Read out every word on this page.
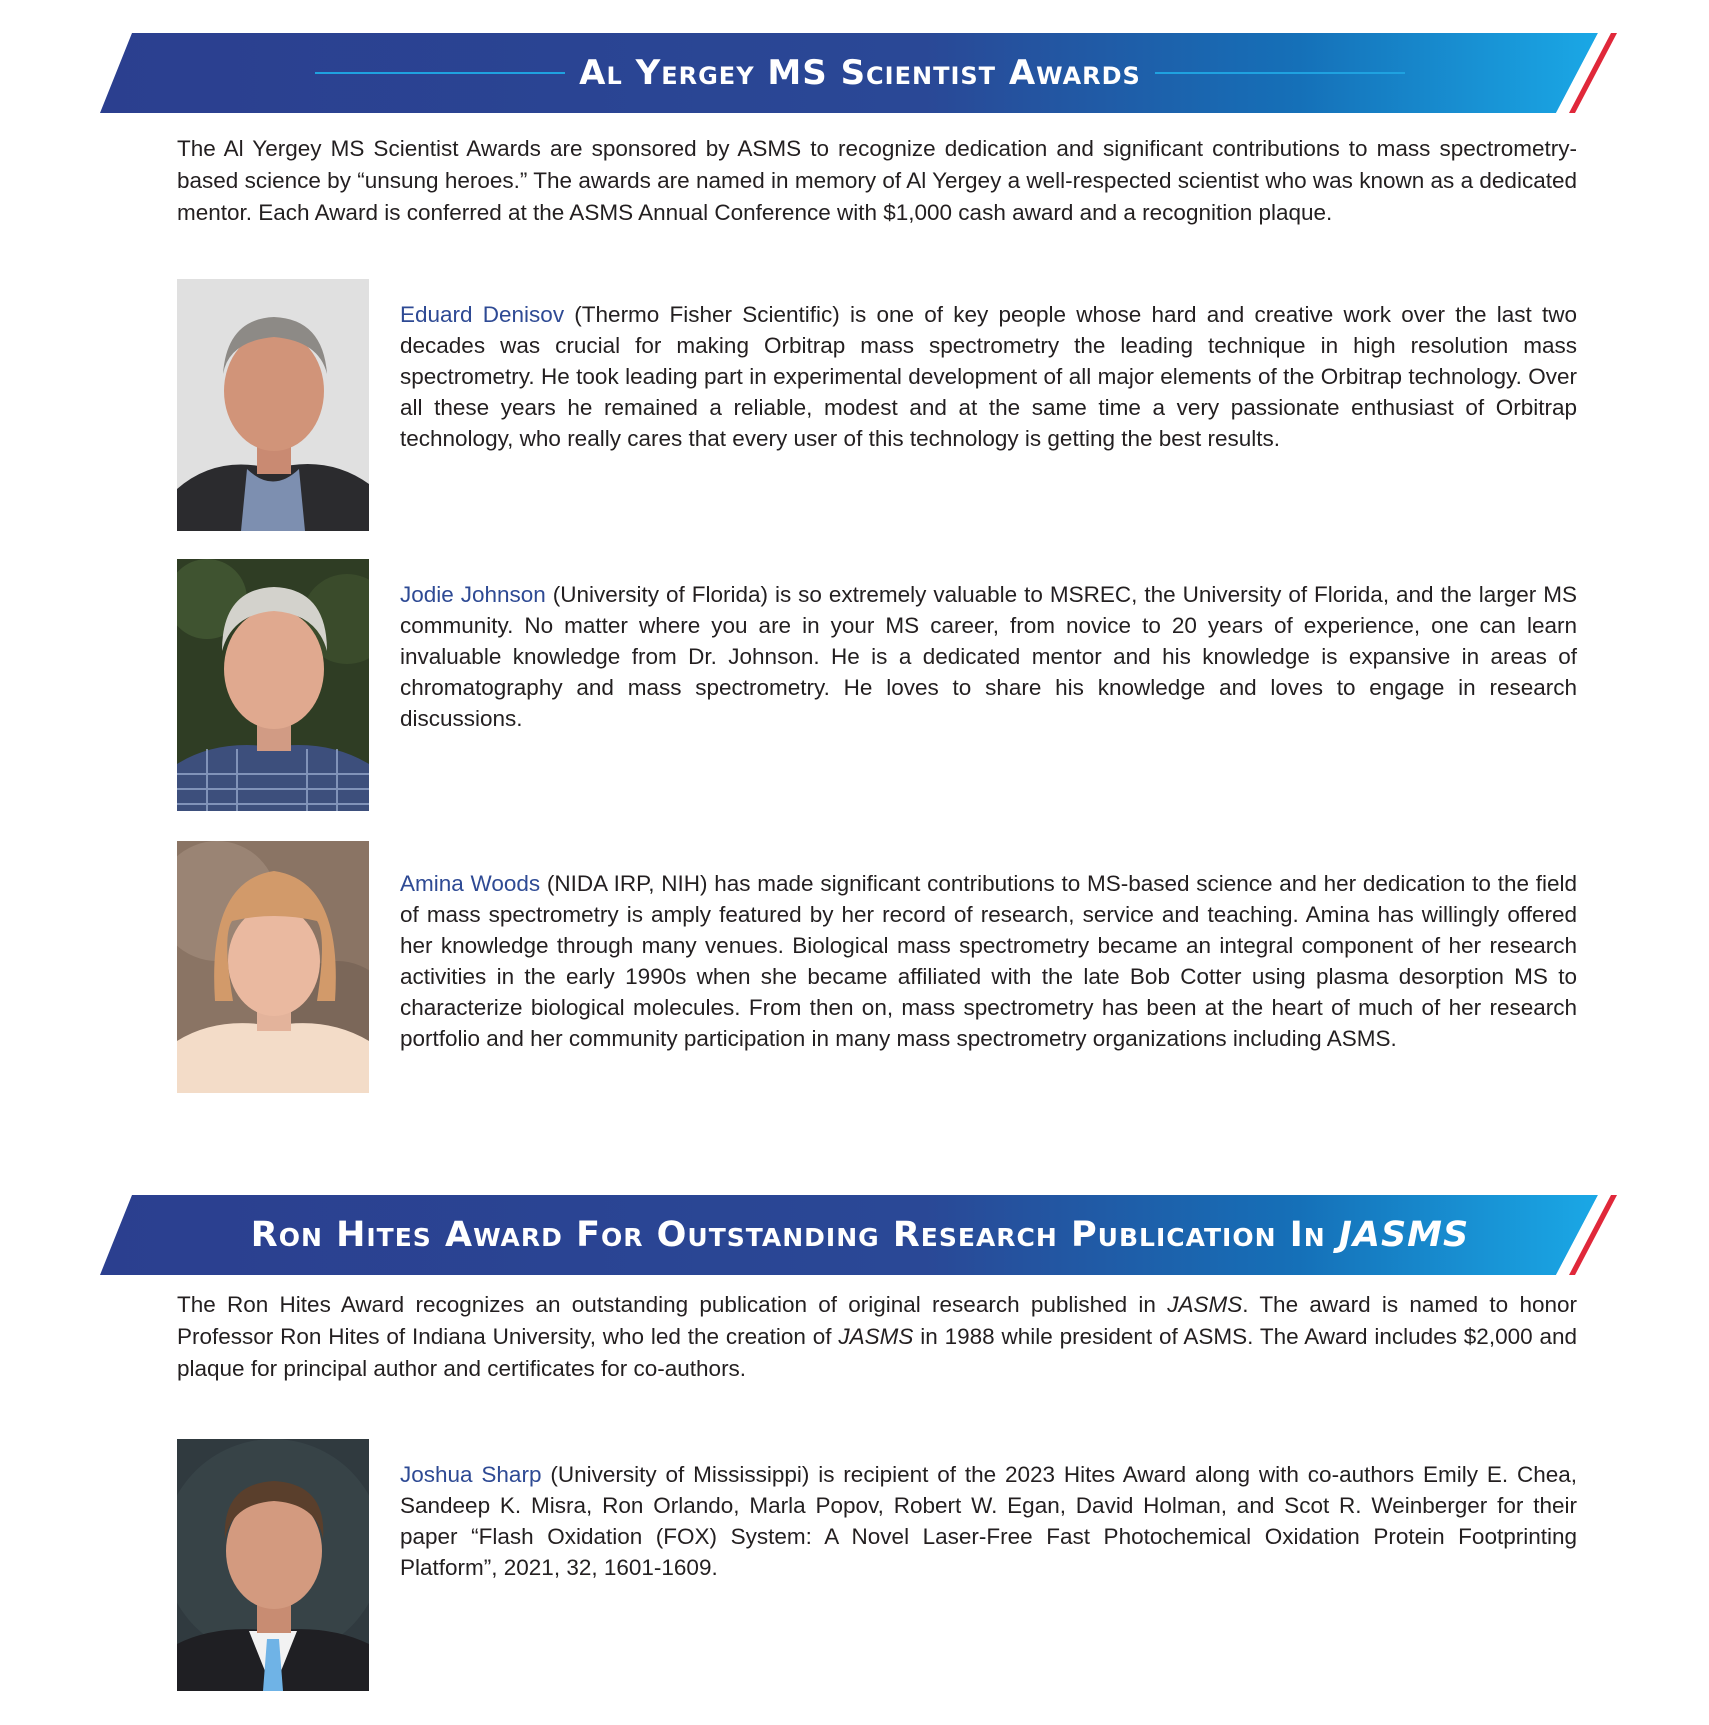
Al Yergey MS Scientist Awards

The Al Yergey MS Scientist Awards are sponsored by ASMS to recognize dedication and significant contributions to mass spectrometry-based science by “unsung heroes.” The awards are named in memory of Al Yergey a well-respected scientist who was known as a dedicated mentor. Each Award is conferred at the ASMS Annual Conference with $1,000 cash award and a recognition plaque.

Eduard Denisov (Thermo Fisher Scientific) is one of key people whose hard and creative work over the last two decades was crucial for making Orbitrap mass spectrometry the leading technique in high resolution mass spectrometry. He took leading part in experimental development of all major elements of the Orbitrap technology. Over all these years he remained a reliable, modest and at the same time a very passionate enthusiast of Orbitrap technology, who really cares that every user of this technology is getting the best results.

Jodie Johnson (University of Florida) is so extremely valuable to MSREC, the University of Florida, and the larger MS community. No matter where you are in your MS career, from novice to 20 years of experience, one can learn invaluable knowledge from Dr. Johnson. He is a dedicated mentor and his knowledge is expansive in areas of chromatography and mass spectrometry. He loves to share his knowledge and loves to engage in research discussions.

Amina Woods (NIDA IRP, NIH) has made significant contributions to MS-based science and her dedication to the field of mass spectrometry is amply featured by her record of research, service and teaching. Amina has willingly offered her knowledge through many venues. Biological mass spectrometry became an integral component of her research activities in the early 1990s when she became affiliated with the late Bob Cotter using plasma desorption MS to characterize biological molecules. From then on, mass spectrometry has been at the heart of much of her research portfolio and her community participation in many mass spectrometry organizations including ASMS.

Ron Hites Award For Outstanding Research Publication In
JASMS

The Ron Hites Award recognizes an outstanding publication of original research published in JASMS. The award is named to honor Professor Ron Hites of Indiana University, who led the creation of JASMS in 1988 while president of ASMS. The Award includes $2,000 and plaque for principal author and certificates for co-authors.

Joshua Sharp (University of Mississippi) is recipient of the 2023 Hites Award along with co-authors Emily E. Chea, Sandeep K. Misra, Ron Orlando, Marla Popov, Robert W. Egan, David Holman, and Scot R. Weinberger for their paper “Flash Oxidation (FOX) System: A Novel Laser-Free Fast Photochemical Oxidation Protein Footprinting Platform”, 2021, 32, 1601-1609.
